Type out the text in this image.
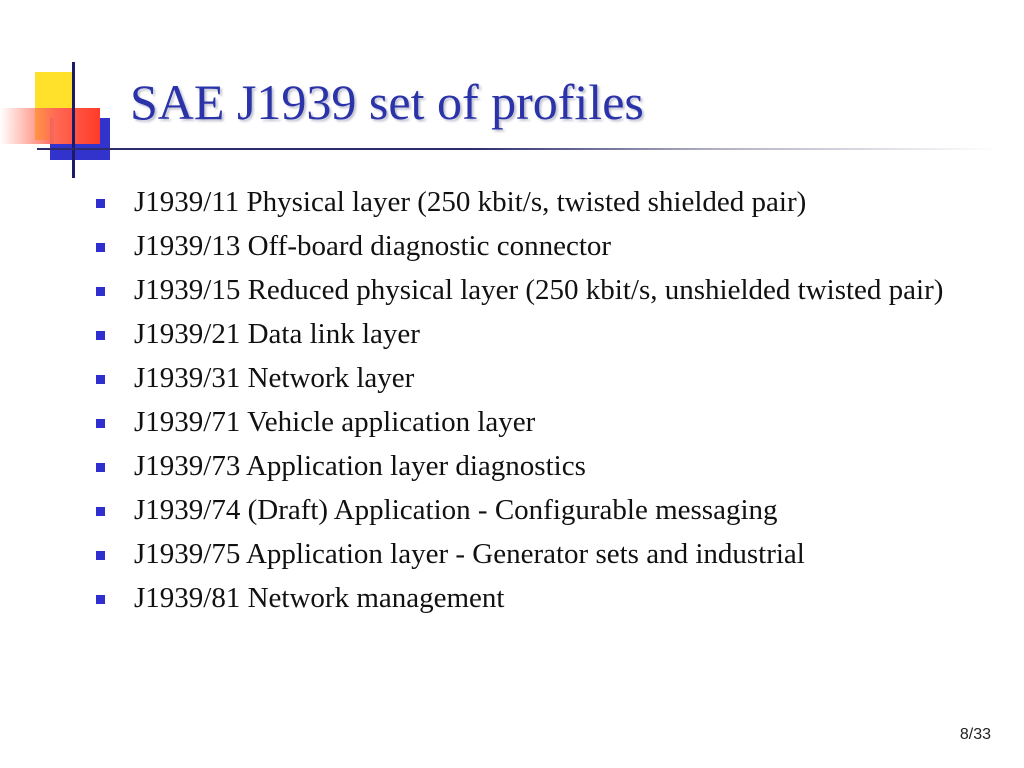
SAE J1939 set of profiles
J1939/11 Physical layer (250 kbit/s, twisted shielded pair)
J1939/13 Off-board diagnostic connector
J1939/15 Reduced physical layer (250 kbit/s, unshielded twisted pair)
J1939/21 Data link layer
J1939/31 Network layer
J1939/71 Vehicle application layer
J1939/73 Application layer diagnostics
J1939/74 (Draft) Application - Configurable messaging
J1939/75 Application layer - Generator sets and industrial
J1939/81 Network management
8/33
